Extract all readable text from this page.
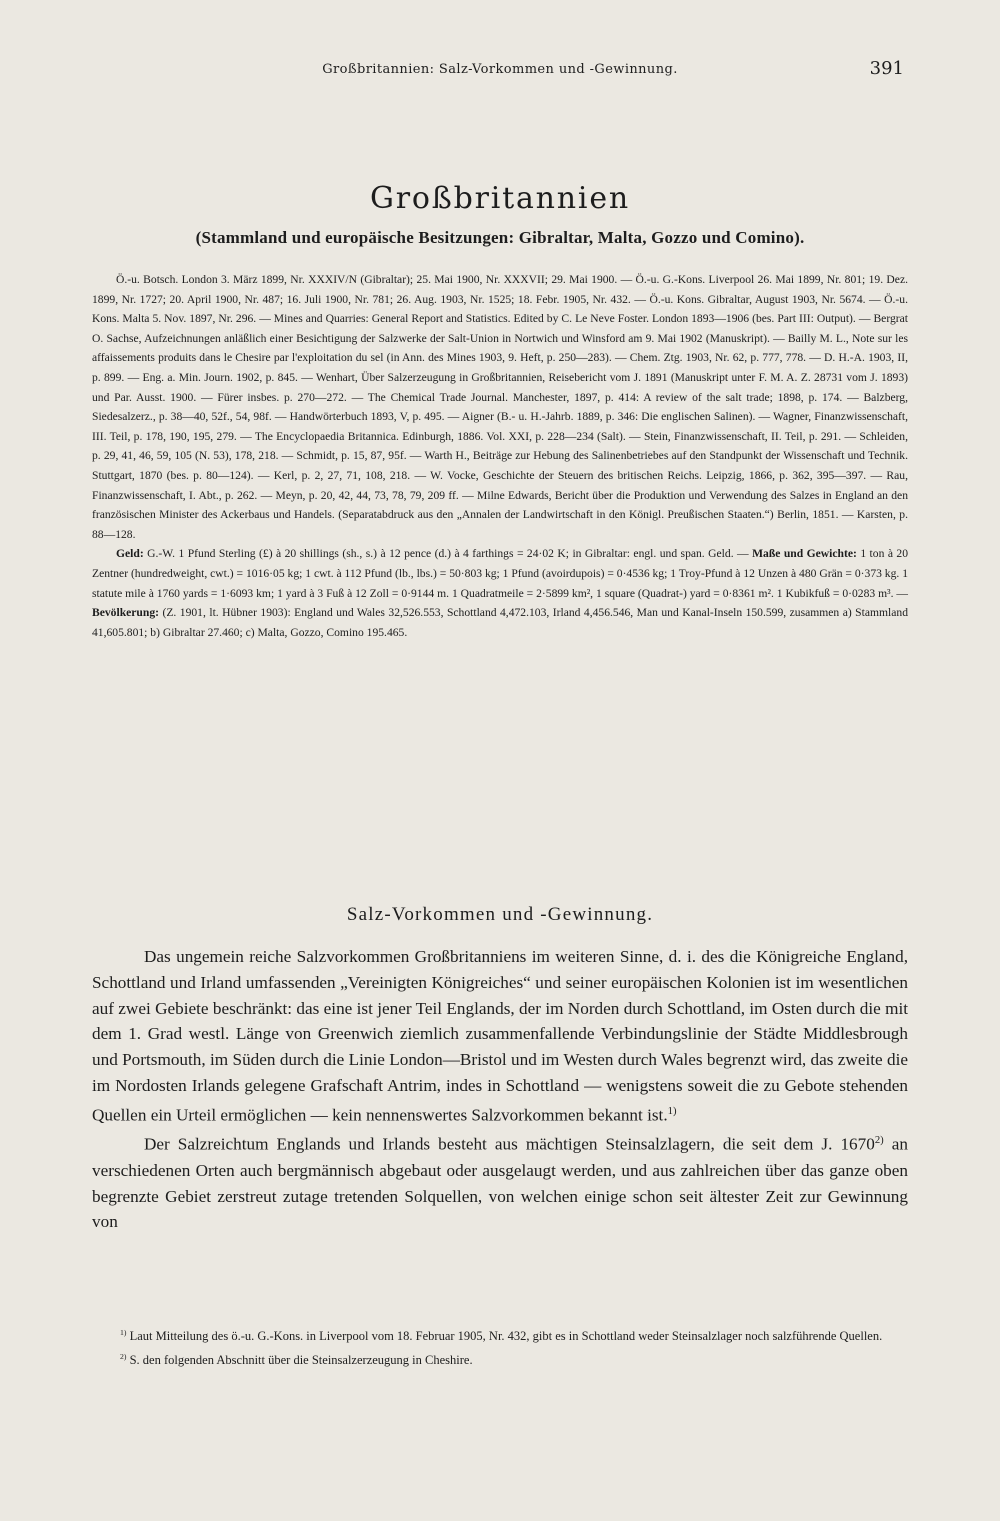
Großbritannien: Salz-Vorkommen und -Gewinnung.	391
Großbritannien
(Stammland und europäische Besitzungen: Gibraltar, Malta, Gozzo und Comino).

Ö.-u. Botsch. London 3. März 1899, Nr. XXXIV/N (Gibraltar); 25. Mai 1900, Nr. XXXVII; 29. Mai 1900. — Ö.-u. G.-Kons. Liverpool 26. Mai 1899, Nr. 801; 19. Dez. 1899, Nr. 1727; 20. April 1900, Nr. 487; 16. Juli 1900, Nr. 781; 26. Aug. 1903, Nr. 1525; 18. Febr. 1905, Nr. 432. — Ö.-u. Kons. Gibraltar, August 1903, Nr. 5674. — Ö.-u. Kons. Malta 5. Nov. 1897, Nr. 296. — Mines and Quarries: General Report and Statistics. Edited by C. Le Neve Foster. London 1893—1906 (bes. Part III: Output). — Bergrat O. Sachse, Aufzeichnungen anläßlich einer Besichtigung der Salzwerke der Salt-Union in Nortwich und Winsford am 9. Mai 1902 (Manuskript). — Bailly M. L., Note sur les affaissements produits dans le Chesire par l'exploitation du sel (in Ann. des Mines 1903, 9. Heft, p. 250—283). — Chem. Ztg. 1903, Nr. 62, p. 777, 778. — D. H.-A. 1903, II, p. 899. — Eng. a. Min. Journ. 1902, p. 845. — Wenhart, Über Salzerzeugung in Großbritannien, Reisebericht vom J. 1891 (Manuskript unter F. M. A. Z. 28731 vom J. 1893) und Par. Ausst. 1900. — Fürer insbes. p. 270—272. — The Chemical Trade Journal. Manchester, 1897, p. 414: A review of the salt trade; 1898, p. 174. — Balzberg, Siedesalzerz., p. 38—40, 52f., 54, 98f. — Handwörterbuch 1893, V, p. 495. — Aigner (B.- u. H.-Jahrb. 1889, p. 346: Die englischen Salinen). — Wagner, Finanzwissenschaft, III. Teil, p. 178, 190, 195, 279. — The Encyclopaedia Britannica. Edinburgh, 1886. Vol. XXI, p. 228—234 (Salt). — Stein, Finanzwissenschaft, II. Teil, p. 291. — Schleiden, p. 29, 41, 46, 59, 105 (N. 53), 178, 218. — Schmidt, p. 15, 87, 95f. — Warth H., Beiträge zur Hebung des Salinenbetriebes auf den Standpunkt der Wissenschaft und Technik. Stuttgart, 1870 (bes. p. 80—124). — Kerl, p. 2, 27, 71, 108, 218. — W. Vocke, Geschichte der Steuern des britischen Reichs. Leipzig, 1866, p. 362, 395—397. — Rau, Finanzwissenschaft, I. Abt., p. 262. — Meyn, p. 20, 42, 44, 73, 78, 79, 209 ff. — Milne Edwards, Bericht über die Produktion und Verwendung des Salzes in England an den französischen Minister des Ackerbaus und Handels. (Separatabdruck aus den „Annalen der Landwirtschaft in den Königl. Preußischen Staaten.“) Berlin, 1851. — Karsten, p. 88—128.

Geld: G.-W. 1 Pfund Sterling (£) à 20 shillings (sh., s.) à 12 pence (d.) à 4 farthings = 24·02 K; in Gibraltar: engl. und span. Geld. — Maße und Gewichte: 1 ton à 20 Zentner (hundredweight, cwt.) = 1016·05 kg; 1 cwt. à 112 Pfund (lb., lbs.) = 50·803 kg; 1 Pfund (avoirdupois) = 0·4536 kg; 1 Troy-Pfund à 12 Unzen à 480 Grän = 0·373 kg. 1 statute mile à 1760 yards = 1·6093 km; 1 yard à 3 Fuß à 12 Zoll = 0·9144 m. 1 Quadratmeile = 2·5899 km², 1 square (Quadrat-) yard = 0·8361 m². 1 Kubikfuß = 0·0283 m³. — Bevölkerung: (Z. 1901, lt. Hübner 1903): England und Wales 32,526.553, Schottland 4,472.103, Irland 4,456.546, Man und Kanal-Inseln 150.599, zusammen a) Stammland 41,605.801; b) Gibraltar 27.460; c) Malta, Gozzo, Comino 195.465.

Salz-Vorkommen und -Gewinnung.

Das ungemein reiche Salzvorkommen Großbritanniens im weiteren Sinne, d. i. des die Königreiche England, Schottland und Irland umfassenden „Vereinigten Königreiches“ und seiner europäischen Kolonien ist im wesentlichen auf zwei Gebiete beschränkt: das eine ist jener Teil Englands, der im Norden durch Schottland, im Osten durch die mit dem 1. Grad westl. Länge von Greenwich ziemlich zusammenfallende Verbindungslinie der Städte Middlesbrough und Portsmouth, im Süden durch die Linie London—Bristol und im Westen durch Wales begrenzt wird, das zweite die im Nordosten Irlands gelegene Grafschaft Antrim, indes in Schottland — wenigstens soweit die zu Gebote stehenden Quellen ein Urteil ermöglichen — kein nennenswertes Salzvorkommen bekannt ist.$^{1)}$

Der Salzreichtum Englands und Irlands besteht aus mächtigen Steinsalzlagern, die seit dem J. 1670$^{2)}$ an verschiedenen Orten auch bergmännisch abgebaut oder ausgelaugt werden, und aus zahlreichen über das ganze oben begrenzte Gebiet zerstreut zutage tretenden Solquellen, von welchen einige schon seit ältester Zeit zur Gewinnung von

$^{1)}$ Laut Mitteilung des ö.-u. G.-Kons. in Liverpool vom 18. Februar 1905, Nr. 432, gibt es in Schottland weder Steinsalzlager noch salzführende Quellen.

$^{2)}$ S. den folgenden Abschnitt über die Steinsalzerzeugung in Cheshire.
